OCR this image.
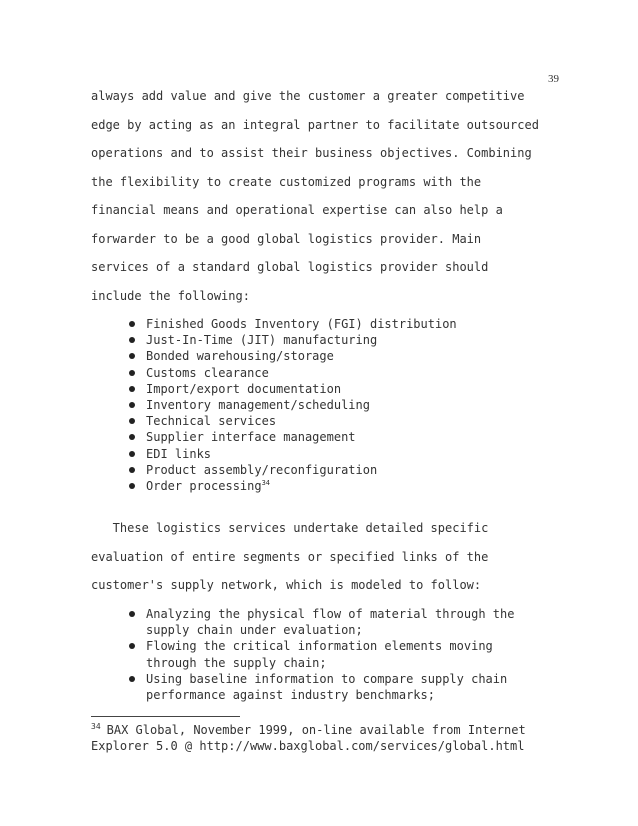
39

always add value and give the customer a greater competitive
edge by acting as an integral partner to facilitate outsourced
operations and to assist their business objectives. Combining
the flexibility to create customized programs with the
financial means and operational expertise can also help a
forwarder to be a good global logistics provider. Main
services of a standard global logistics provider should
include the following:

Finished Goods Inventory (FGI) distribution
Just-In-Time (JIT) manufacturing
Bonded warehousing/storage
Customs clearance
Import/export documentation
Inventory management/scheduling
Technical services
Supplier interface management
EDI links
Product assembly/reconfiguration
Order processing$^{34}$

These logistics services undertake detailed specific
evaluation of entire segments or specified links of the
customer's supply network, which is modeled to follow:

Analyzing the physical flow of material through the
supply chain under evaluation;
Flowing the critical information elements moving
through the supply chain;
Using baseline information to compare supply chain
performance against industry benchmarks;

$^{34}$ BAX Global, November 1999, on-line available from Internet
Explorer 5.0 @ http://www.baxglobal.com/services/global.html
